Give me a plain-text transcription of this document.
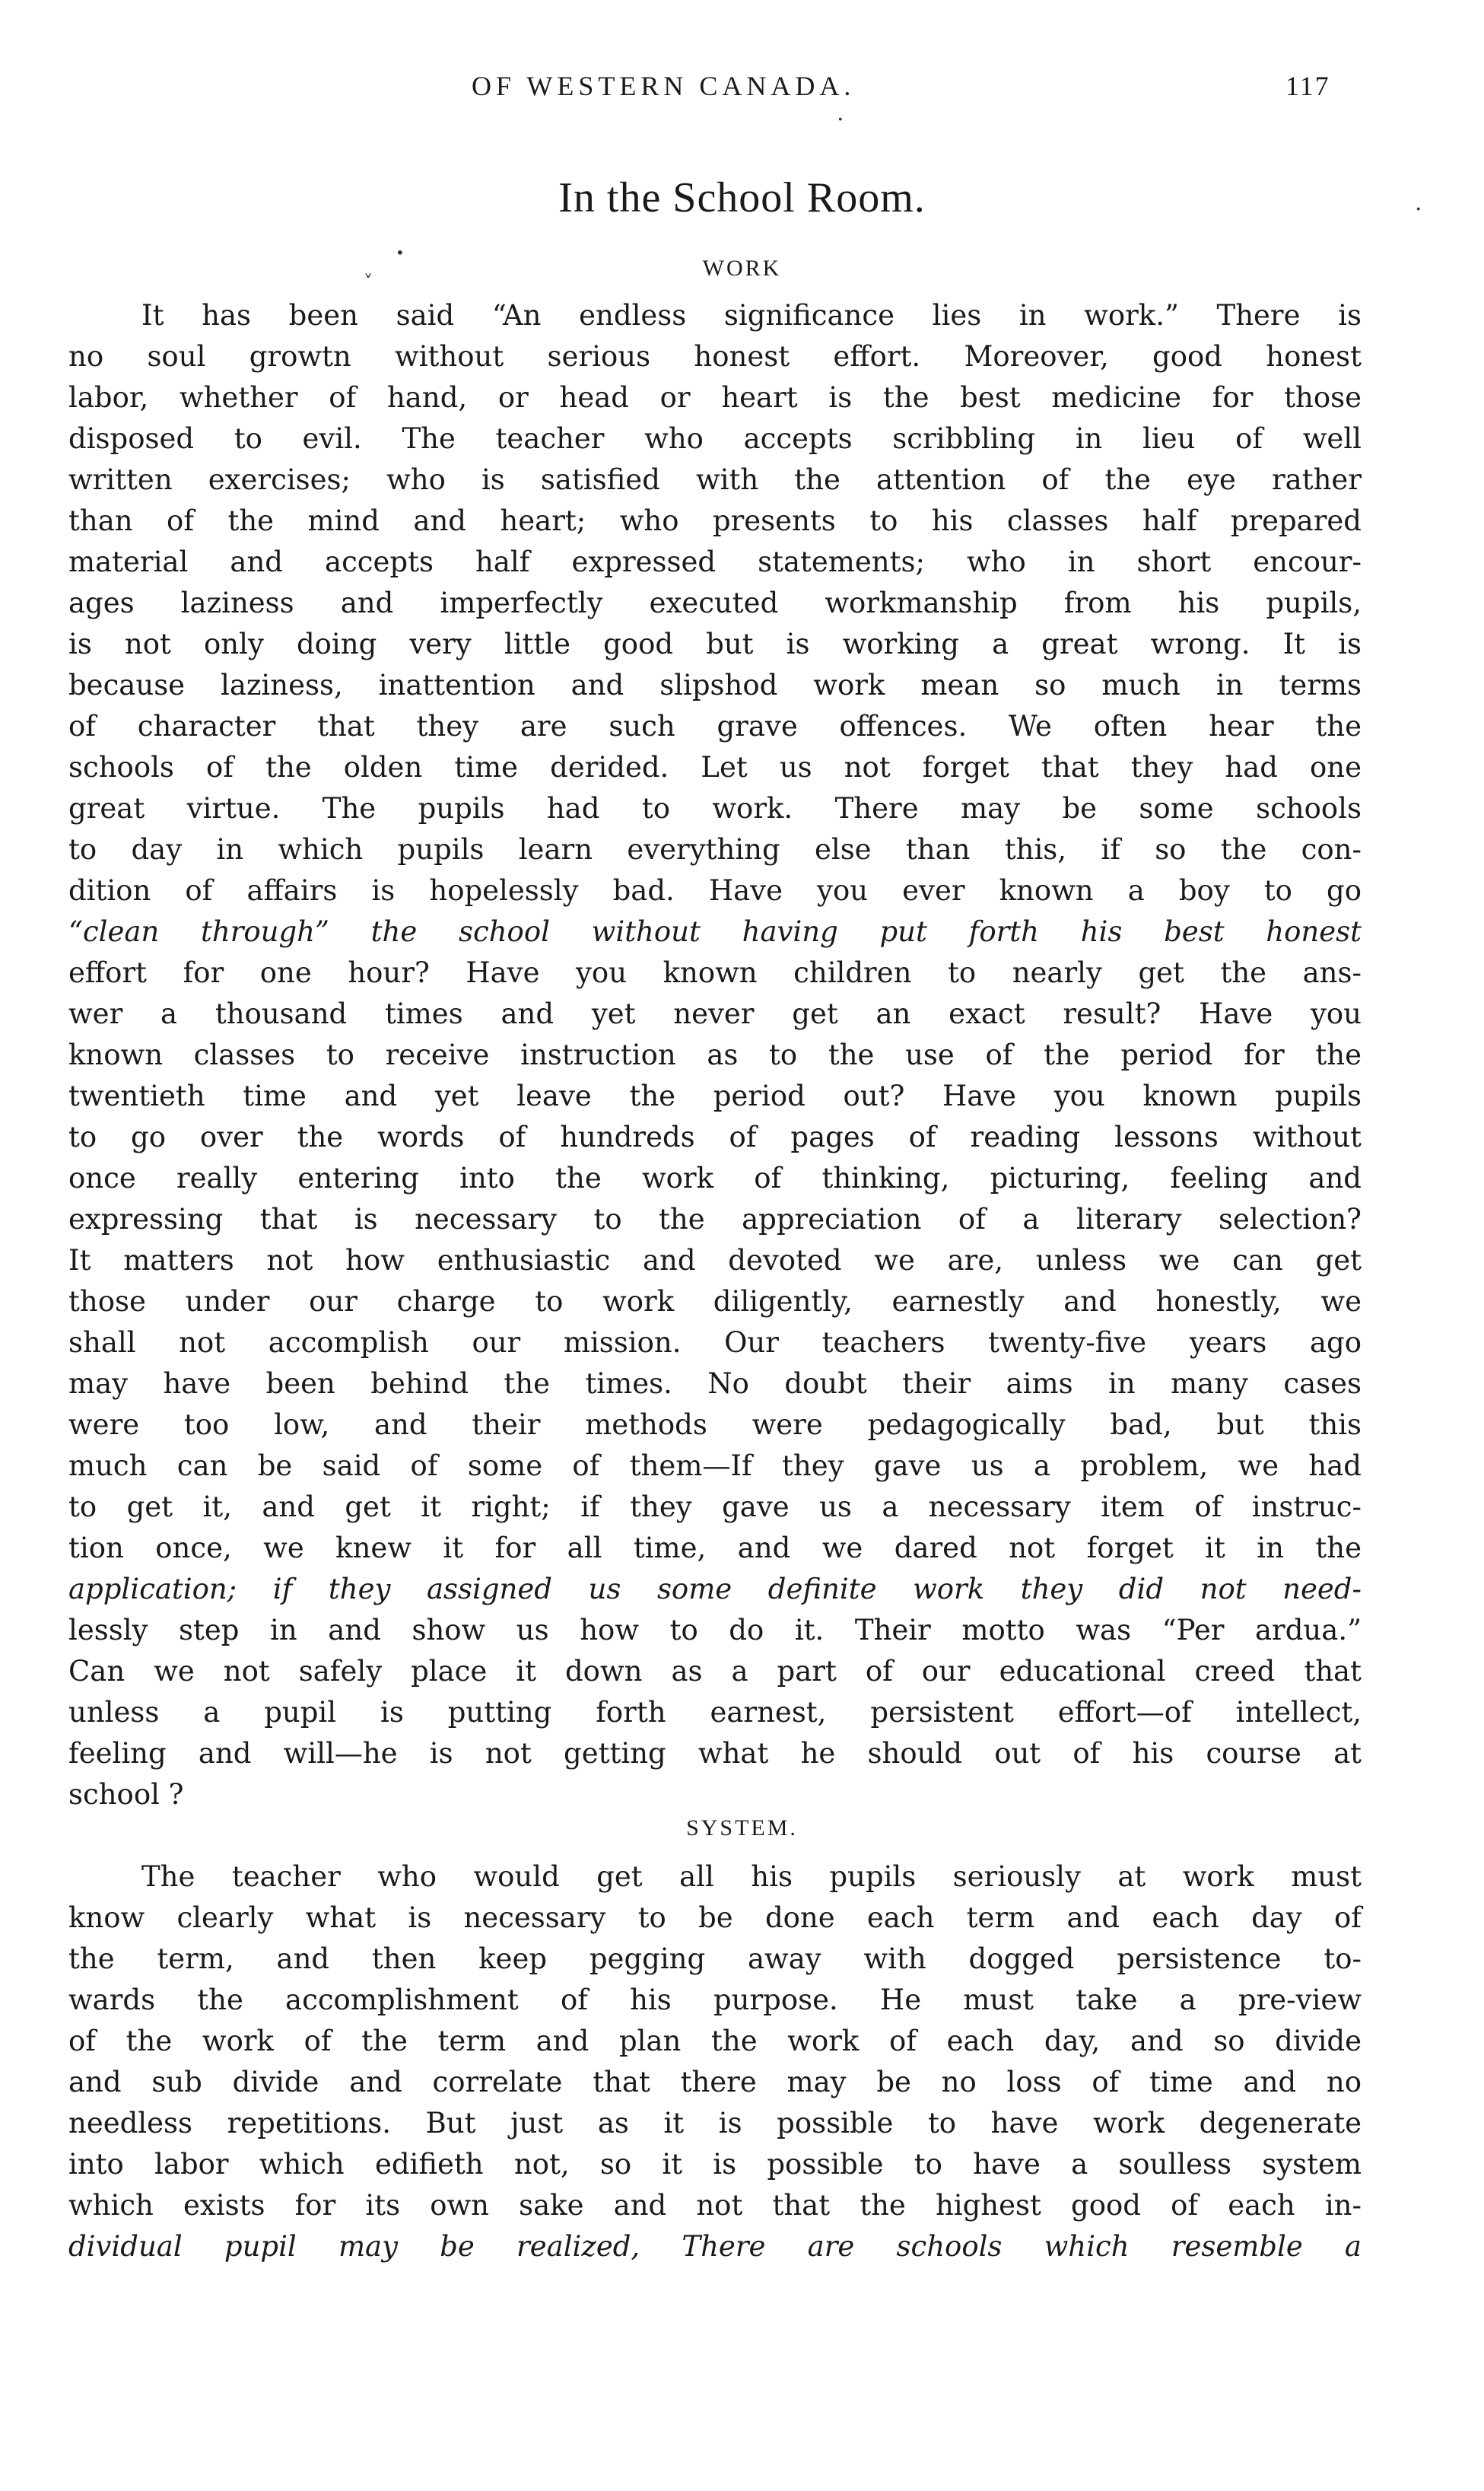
OF WESTERN CANADA.	117
·
·
In the School Room.
ˬ
•
WORK
It has been said “An endless significance lies in work.” There is
no soul growtn without serious honest effort. Moreover, good honest
labor, whether of hand, or head or heart is the best medicine for those
disposed to evil. The teacher who accepts scribbling in lieu of well
written exercises; who is satisfied with the attention of the eye rather
than of the mind and heart; who presents to his classes half prepared
material and accepts half expressed statements; who in short encour-
ages laziness and imperfectly executed workmanship from his pupils,
is not only doing very little good but is working a great wrong. It is
because laziness, inattention and slipshod work mean so much in terms
of character that they are such grave offences. We often hear the
schools of the olden time derided. Let us not forget that they had one
great virtue. The pupils had to work. There may be some schools
to day in which pupils learn everything else than this, if so the con-
dition of affairs is hopelessly bad. Have you ever known a boy to go
“clean through” the school without having put forth his best honest
effort for one hour? Have you known children to nearly get the ans-
wer a thousand times and yet never get an exact result? Have you
known classes to receive instruction as to the use of the period for the
twentieth time and yet leave the period out? Have you known pupils
to go over the words of hundreds of pages of reading lessons without
once really entering into the work of thinking, picturing, feeling and
expressing that is necessary to the appreciation of a literary selection?
It matters not how enthusiastic and devoted we are, unless we can get
those under our charge to work diligently, earnestly and honestly, we
shall not accomplish our mission. Our teachers twenty-five years ago
may have been behind the times. No doubt their aims in many cases
were too low, and their methods were pedagogically bad, but this
much can be said of some of them—If they gave us a problem, we had
to get it, and get it right; if they gave us a necessary item of instruc-
tion once, we knew it for all time, and we dared not forget it in the
application; if they assigned us some definite work they did not need-
lessly step in and show us how to do it. Their motto was “Per ardua.”
Can we not safely place it down as a part of our educational creed that
unless a pupil is putting forth earnest, persistent effort—of intellect,
feeling and will—he is not getting what he should out of his course at
school ?
SYSTEM.
The teacher who would get all his pupils seriously at work must
know clearly what is necessary to be done each term and each day of
the term, and then keep pegging away with dogged persistence to-
wards the accomplishment of his purpose. He must take a pre-view
of the work of the term and plan the work of each day, and so divide
and sub divide and correlate that there may be no loss of time and no
needless repetitions. But just as it is possible to have work degenerate
into labor which edifieth not, so it is possible to have a soulless system
which exists for its own sake and not that the highest good of each in-
dividual pupil may be realized, There are schools which resemble a
